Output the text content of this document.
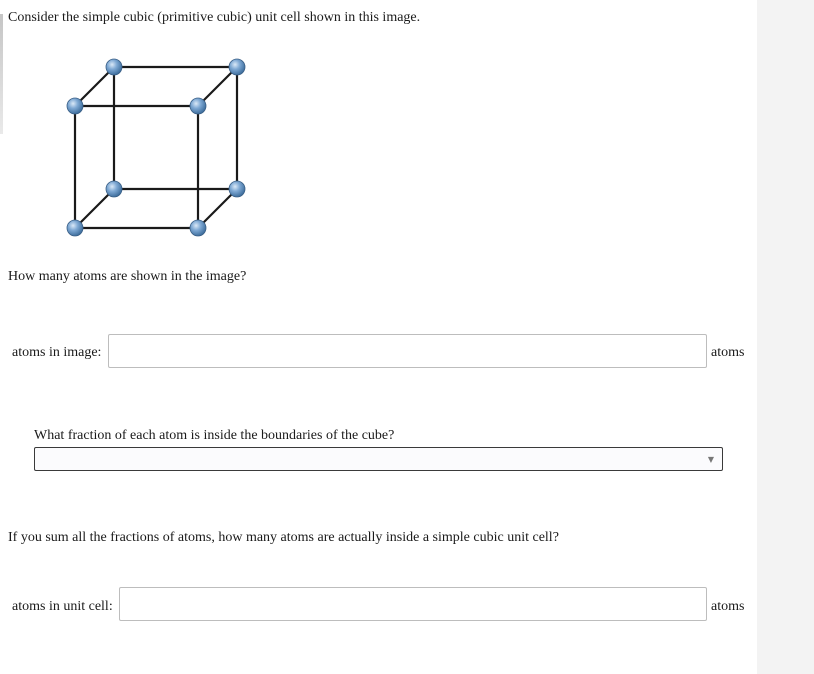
Consider the simple cubic (primitive cubic) unit cell shown in this image.
How many atoms are shown in the image?
atoms in image:	atoms
What fraction of each atom is inside the boundaries of the cube?
▼
If you sum all the fractions of atoms, how many atoms are actually inside a simple cubic unit cell?
atoms in unit cell:	atoms
